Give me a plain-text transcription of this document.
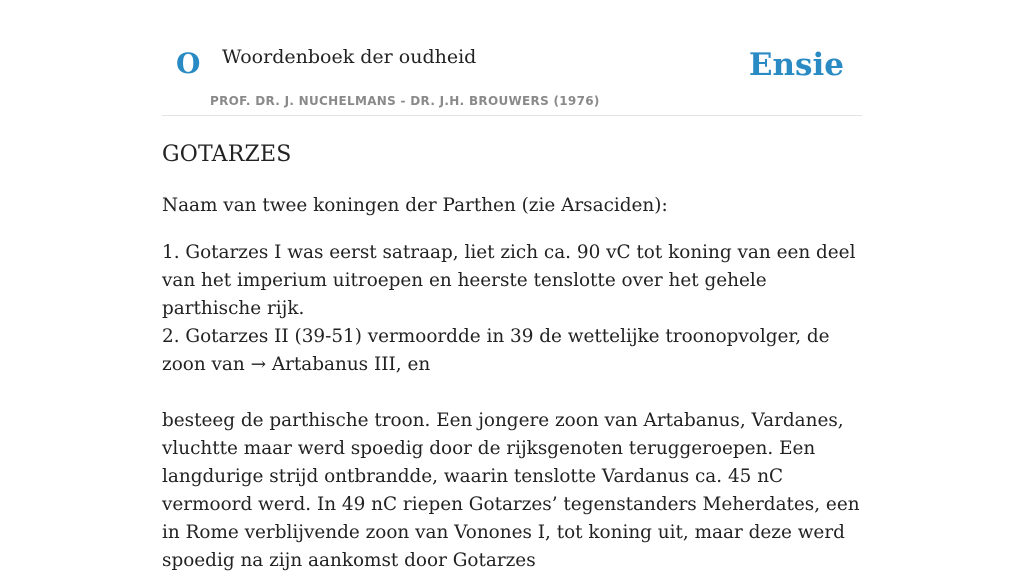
O Woordenboek der oudheid
PROF. DR. J. NUCHELMANS - DR. J.H. BROUWERS (1976)
Ensie
GOTARZES

Naam van twee koningen der Parthen (zie Arsaciden):

1. Gotarzes I was eerst satraap, liet zich ca. 90 vC tot koning van een deel van het imperium uitroepen en heerste tenslotte over het gehele parthische rijk.

2. Gotarzes II (39-51) vermoordde in 39 de wettelijke troonopvolger, de zoon van → Artabanus III, en

besteeg de parthische troon. Een jongere zoon van Artabanus, Vardanes, vluchtte maar werd spoedig door de rijksgenoten teruggeroepen. Een langdurige strijd ontbrandde, waarin tenslotte Vardanus ca. 45 nC vermoord werd. In 49 nC riepen Gotarzes’ tegenstanders Meherdates, een in Rome verblijvende zoon van Vonones I, tot koning uit, maar deze werd spoedig na zijn aankomst door Gotarzes
